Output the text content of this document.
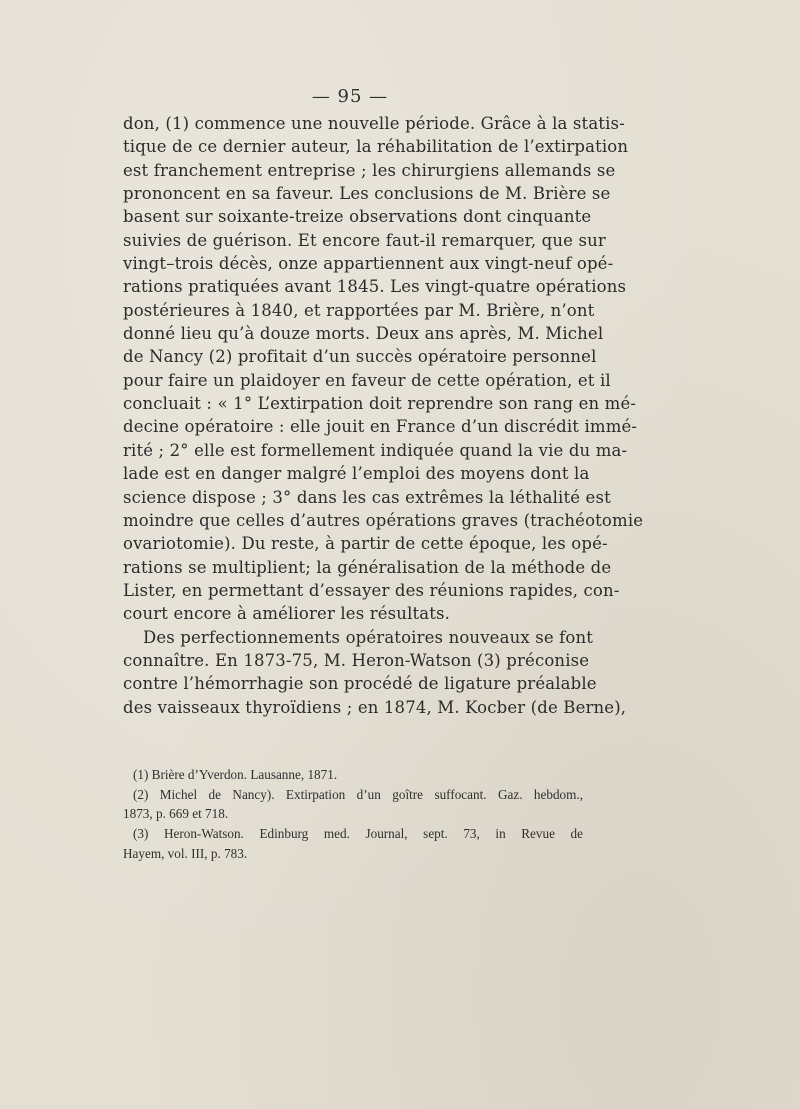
— 95 —
don, (1) commence une nouvelle période. Grâce à la statis-
tique de ce dernier auteur, la réhabilitation de l’extirpation
est franchement entreprise ; les chirurgiens allemands se
prononcent en sa faveur. Les conclusions de M. Brière se
basent sur soixante-treize observations dont cinquante
suivies de guérison. Et encore faut-il remarquer, que sur
vingt–trois décès, onze appartiennent aux vingt-neuf opé-
rations pratiquées avant 1845. Les vingt-quatre opérations
postérieures à 1840, et rapportées par M. Brière, n’ont
donné lieu qu’à douze morts. Deux ans après, M. Michel
de Nancy (2) profitait d’un succès opératoire personnel
pour faire un plaidoyer en faveur de cette opération, et il
concluait : « 1° L’extirpation doit reprendre son rang en mé-
decine opératoire : elle jouit en France d’un discrédit immé-
rité ; 2° elle est formellement indiquée quand la vie du ma-
lade est en danger malgré l’emploi des moyens dont la
science dispose ; 3° dans les cas extrêmes la léthalité est
moindre que celles d’autres opérations graves (trachéotomie
ovariotomie). Du reste, à partir de cette époque, les opé-
rations se multiplient; la généralisation de la méthode de
Lister, en permettant d’essayer des réunions rapides, con-
court encore à améliorer les résultats.
Des perfectionnements opératoires nouveaux se font
connaître. En 1873-75, M. Heron-Watson (3) préconise
contre l’hémorrhagie son procédé de ligature préalable
des vaisseaux thyroïdiens ; en 1874, M. Kocber (de Berne),
(1) Brière d’Yverdon. Lausanne, 1871.
(2) Michel de Nancy). Extirpation d’un goître suffocant. Gaz. hebdom.,
1873, p. 669 et 718.
(3) Heron-Watson. Edinburg med. Journal, sept. 73, in Revue de
Hayem, vol. III, p. 783.
